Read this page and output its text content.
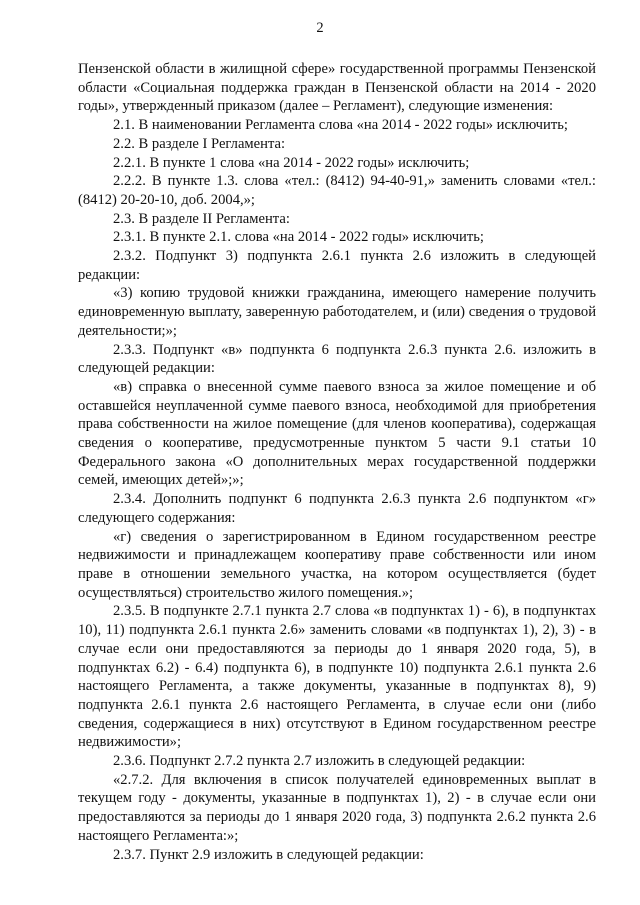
2

Пензенской области в жилищной сфере» государственной программы Пензенской области «Социальная поддержка граждан в Пензенской области на 2014 - 2020 годы», утвержденный приказом (далее – Регламент), следующие изменения:

2.1. В наименовании Регламента слова «на 2014 - 2022 годы» исключить;

2.2. В разделе I Регламента:

2.2.1. В пункте 1 слова «на 2014 - 2022 годы» исключить;

2.2.2. В пункте 1.3. слова «тел.: (8412) 94-40-91,» заменить словами «тел.: (8412) 20-20-10, доб. 2004,»;

2.3. В разделе II Регламента:

2.3.1. В пункте 2.1. слова «на 2014 - 2022 годы» исключить;

2.3.2. Подпункт 3) подпункта 2.6.1 пункта 2.6 изложить в следующей редакции:

«3) копию трудовой книжки гражданина, имеющего намерение получить единовременную выплату, заверенную работодателем, и (или) сведения о трудовой деятельности;»;

2.3.3. Подпункт «в» подпункта 6 подпункта 2.6.3 пункта 2.6. изложить в следующей редакции:

«в) справка о внесенной сумме паевого взноса за жилое помещение и об оставшейся неуплаченной сумме паевого взноса, необходимой для приобретения права собственности на жилое помещение (для членов кооператива), содержащая сведения о кооперативе, предусмотренные пунктом 5 части 9.1 статьи 10 Федерального закона «О дополнительных мерах государственной поддержки семей, имеющих детей»;»;

2.3.4. Дополнить подпункт 6 подпункта 2.6.3 пункта 2.6 подпунктом «г» следующего содержания:

«г) сведения о зарегистрированном в Едином государственном реестре недвижимости и принадлежащем кооперативу праве собственности или ином праве в отношении земельного участка, на котором осуществляется (будет осуществляться) строительство жилого помещения.»;

2.3.5. В подпункте 2.7.1 пункта 2.7 слова «в подпунктах 1) - 6), в подпунктах 10), 11) подпункта 2.6.1 пункта 2.6» заменить словами «в подпунктах 1), 2), 3) - в случае если они предоставляются за периоды до 1 января 2020 года, 5), в подпунктах 6.2) - 6.4) подпункта 6), в подпункте 10) подпункта 2.6.1 пункта 2.6 настоящего Регламента, а также документы, указанные в подпунктах 8), 9) подпункта 2.6.1 пункта 2.6 настоящего Регламента, в случае если они (либо сведения, содержащиеся в них) отсутствуют в Едином государственном реестре недвижимости»;

2.3.6. Подпункт 2.7.2 пункта 2.7 изложить в следующей редакции:

«2.7.2. Для включения в список получателей единовременных выплат в текущем году - документы, указанные в подпунктах 1), 2) - в случае если они предоставляются за периоды до 1 января 2020 года, 3) подпункта 2.6.2 пункта 2.6 настоящего Регламента:»;

2.3.7. Пункт 2.9 изложить в следующей редакции:
